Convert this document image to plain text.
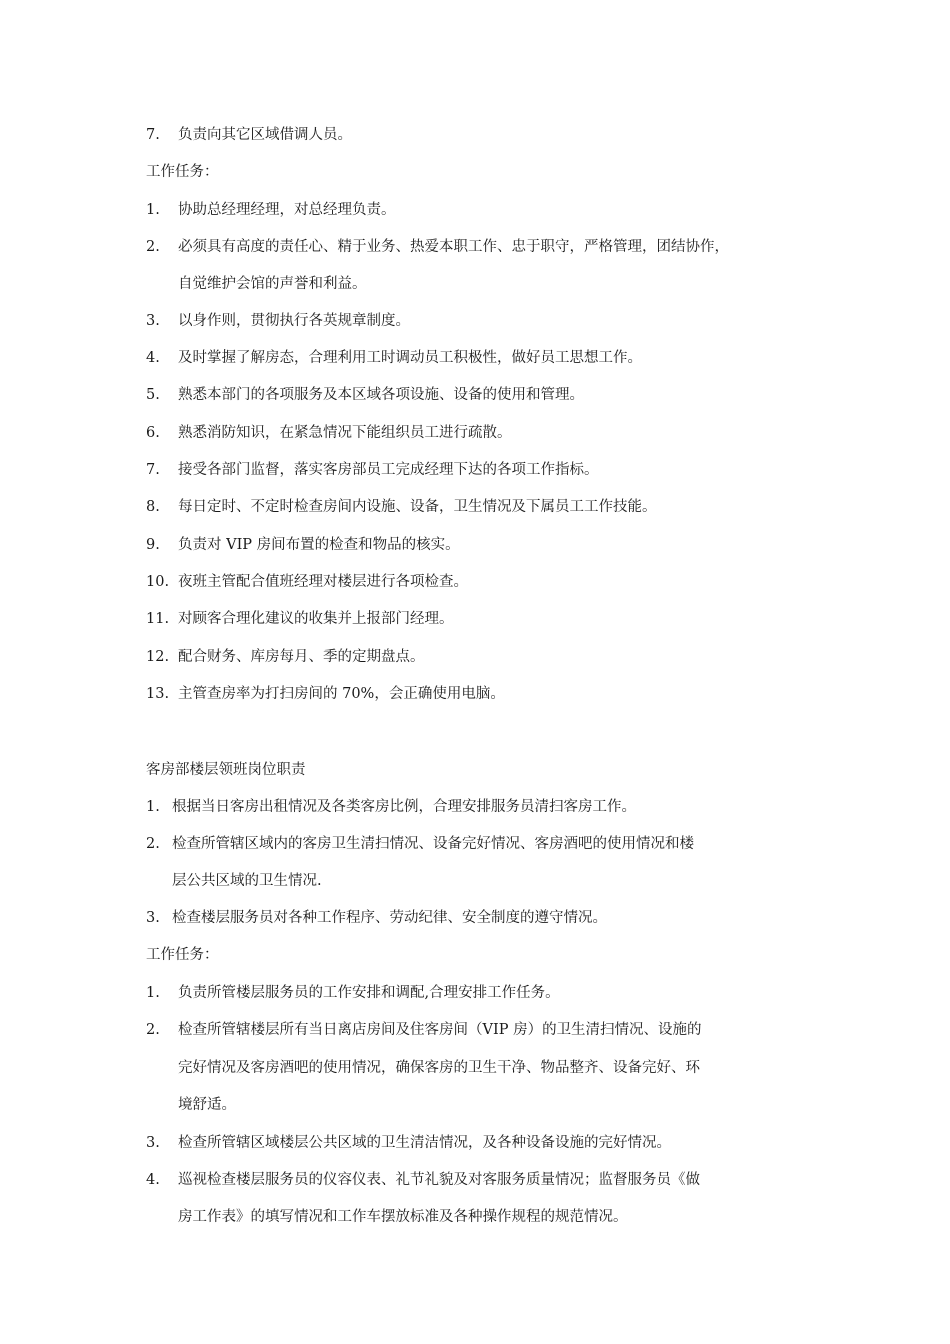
7. 负责向其它区域借调人员。
工作任务：
1. 协助总经理经理，对总经理负责。
2. 必须具有高度的责任心、精于业务、热爱本职工作、忠于职守，严格管理，团结协作，
自觉维护会馆的声誉和利益。
3. 以身作则，贯彻执行各英规章制度。
4. 及时掌握了解房态，合理利用工时调动员工积极性，做好员工思想工作。
5. 熟悉本部门的各项服务及本区域各项设施、设备的使用和管理。
6. 熟悉消防知识，在紧急情况下能组织员工进行疏散。
7. 接受各部门监督，落实客房部员工完成经理下达的各项工作指标。
8. 每日定时、不定时检查房间内设施、设备，卫生情况及下属员工工作技能。
9. 负责对 VIP 房间布置的检查和物品的核实。
10. 夜班主管配合值班经理对楼层进行各项检查。
11. 对顾客合理化建议的收集并上报部门经理。
12. 配合财务、库房每月、季的定期盘点。
13. 主管查房率为打扫房间的 70%，会正确使用电脑。
客房部楼层领班岗位职责
1. 根据当日客房出租情况及各类客房比例，合理安排服务员清扫客房工作。
2. 检查所管辖区域内的客房卫生清扫情况、设备完好情况、客房酒吧的使用情况和楼
层公共区域的卫生情况.
3. 检查楼层服务员对各种工作程序、劳动纪律、安全制度的遵守情况。
工作任务：
1. 负责所管楼层服务员的工作安排和调配,合理安排工作任务。
2. 检查所管辖楼层所有当日离店房间及住客房间（VIP 房）的卫生清扫情况、设施的
完好情况及客房酒吧的使用情况，确保客房的卫生干净、物品整齐、设备完好、环
境舒适。
3. 检查所管辖区域楼层公共区域的卫生清洁情况，及各种设备设施的完好情况。
4. 巡视检查楼层服务员的仪容仪表、礼节礼貌及对客服务质量情况；监督服务员《做
房工作表》的填写情况和工作车摆放标准及各种操作规程的规范情况。
